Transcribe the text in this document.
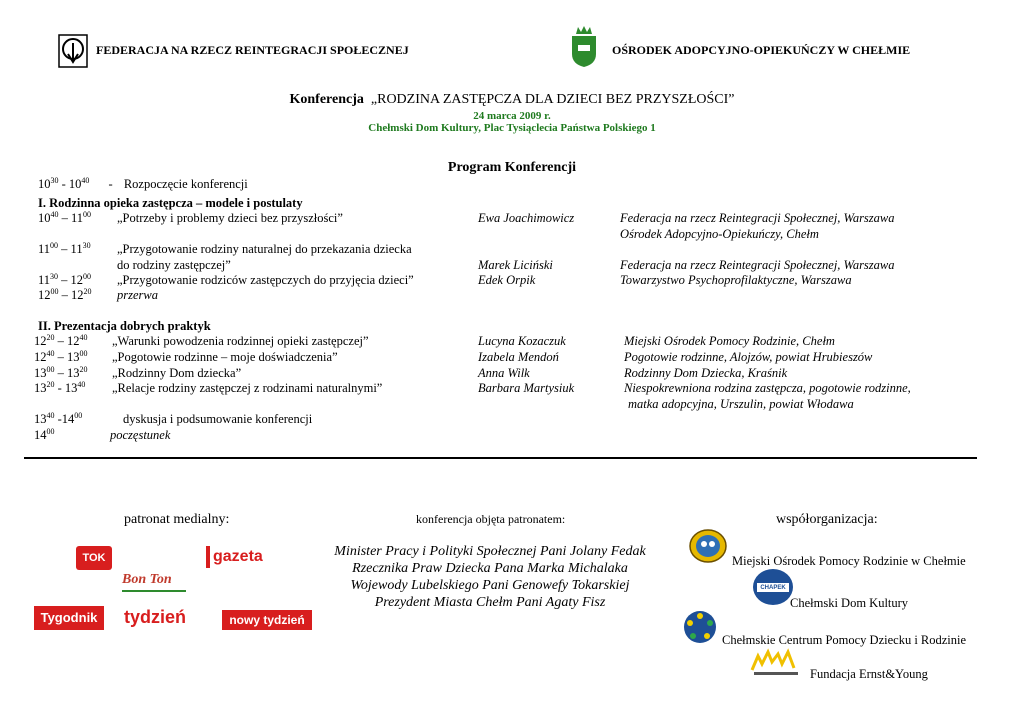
FEDERACJA NA RZECZ REINTEGRACJI SPOŁECZNEJ	OŚRODEK ADOPCYJNO-OPIEKUŃCZY W CHEŁMIE
Konferencja „RODZINA ZASTĘPCZA DLA DZIECI BEZ PRZYSZŁOŚCI”
24 marca 2009 r.
Chełmski Dom Kultury, Plac Tysiąclecia Państwa Polskiego 1
Program Konferencji
$10^{30} - 10^{40}$ - Rozpoczęcie konferencji
I. Rodzinna opieka zastępcza – modele i postulaty
$10^{40} - 11^{00}$ „Potrzeby i problemy dzieci bez przyszłości”	Ewa Joachimowicz	Federacja na rzecz Reintegracji Społecznej, Warszawa
Ośrodek Adopcyjno-Opiekuńczy, Chełm
$11^{00} - 11^{30}$ „Przygotowanie rodziny naturalnej do przekazania dziecka
do rodziny zastępczej”	Marek Liciński	Federacja na rzecz Reintegracji Społecznej, Warszawa
$11^{30} - 12^{00}$ „Przygotowanie rodziców zastępczych do przyjęcia dzieci”	Edek Orpik	Towarzystwo Psychoprofilaktyczne, Warszawa
$12^{00} - 12^{20}$ przerwa
II. Prezentacja dobrych praktyk
$12^{20} - 12^{40}$ „Warunki powodzenia rodzinnej opieki zastępczej”	Lucyna Kozaczuk	Miejski Ośrodek Pomocy Rodzinie, Chełm
$12^{40} - 13^{00}$ „Pogotowie rodzinne – moje doświadczenia”	Izabela Mendoń	Pogotowie rodzinne, Alojzów, powiat Hrubieszów
$13^{00} - 13^{20}$ „Rodzinny Dom dziecka”	Anna Wilk	Rodzinny Dom Dziecka, Kraśnik
$13^{20} - 13^{40}$ „Relacje rodziny zastępczej z rodzinami naturalnymi”	Barbara Martysiuk	Niespokrewniona rodzina zastępcza, pogotowie rodzinne,
matka adopcyjna, Urszulin, powiat Włodawa
$13^{40}$ $-14^{00}$	dyskusja i podsumowanie konferencji
$14^{00}$	poczęstunek
patronat medialny:
TOK FM	Bon Ton
gazeta
Tygodnik	tydzień	nowy tydzień
konferencja objęta patronatem:
Minister Pracy i Polityki Społecznej Pani Jolany Fedak
Rzecznika Praw Dziecka Pana Marka Michalaka
Wojewody Lubelskiego Pani Genowefy Tokarskiej
Prezydent Miasta Chełm Pani Agaty Fisz
współorganizacja:
Miejski Ośrodek Pomocy Rodzinie w Chełmie
CHAPEK
Chełmski Dom Kultury
Chełmskie Centrum Pomocy Dziecku i Rodzinie
Fundacja Ernst&Young
